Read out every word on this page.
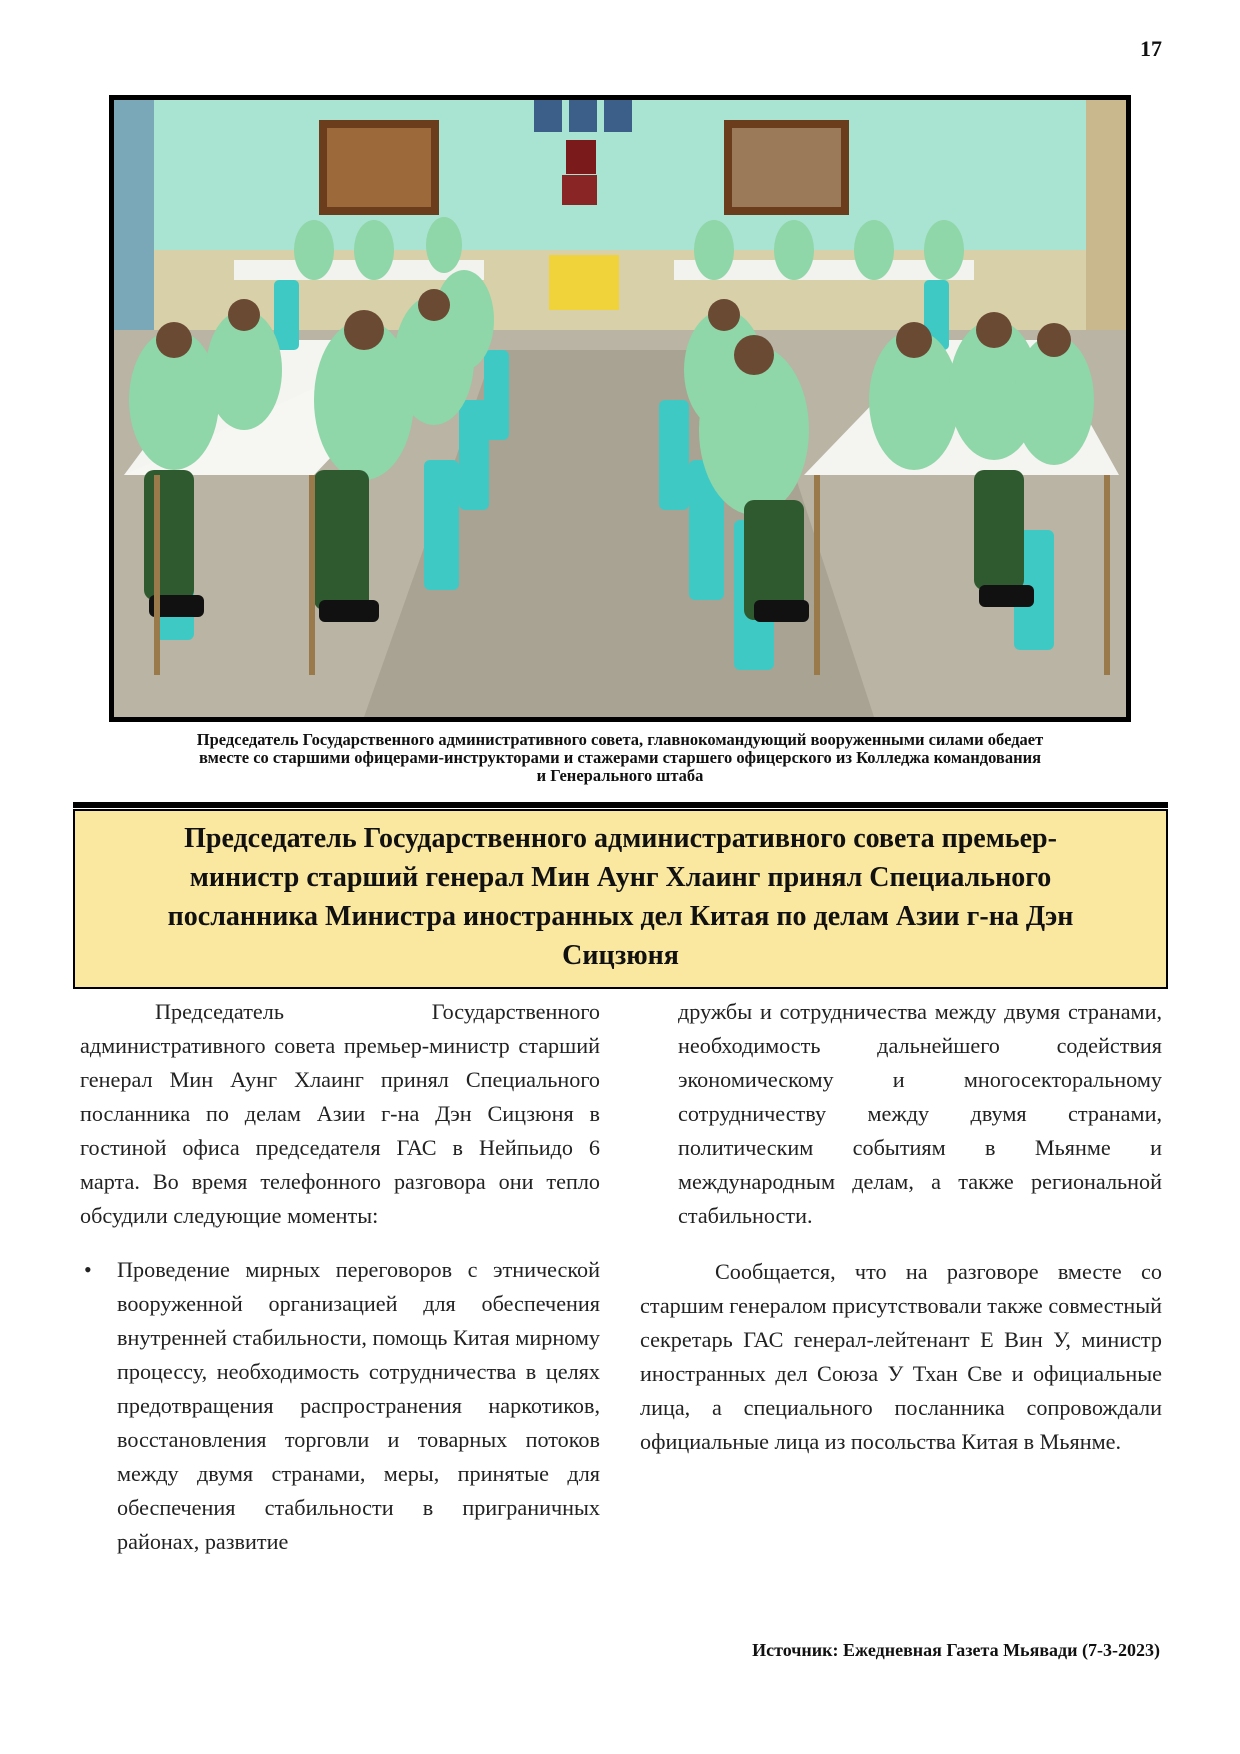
17
Председатель Государственного административного совета, главнокомандующий вооруженными силами обедает
вместе со старшими офицерами-инструкторами и стажерами старшего офицерского из Колледжа командования
и Генерального штаба
Председатель Государственного административного совета премьер-
министр старший генерал Мин Аунг Хлаинг принял Специального
посланника Министра иностранных дел Китая по делам Азии г-на Дэн
Сицзюня

Председатель Государственного административного совета премьер-министр старший генерал Мин Аунг Хлаинг принял Специального посланника по делам Азии г-на Дэн Сицзюня в гостиной офиса председателя ГАС в Нейпьидо 6 марта. Во время телефонного разговора они тепло обсудили следующие моменты:

• Проведение мирных переговоров с этнической вооруженной организацией для обеспечения внутренней стабильности, помощь Китая мирному процессу, необходимость сотрудничества в целях предотвращения распространения наркотиков, восстановления торговли и товарных потоков между двумя странами, меры, принятые для обеспечения стабильности в приграничных районах, развитие

дружбы и сотрудничества между двумя странами, необходимость дальнейшего содействия экономическому и многосекторальному сотрудничеству между двумя странами, политическим событиям в Мьянме и международным делам, а также региональной стабильности.

Сообщается, что на разговоре вместе со старшим генералом присутствовали также совместный секретарь ГАС генерал-лейтенант Е Вин У, министр иностранных дел Союза У Тхан Све и официальные лица, а специального посланника сопровождали официальные лица из посольства Китая в Мьянме.

Источник: Ежедневная Газета Мьявади (7-3-2023)
